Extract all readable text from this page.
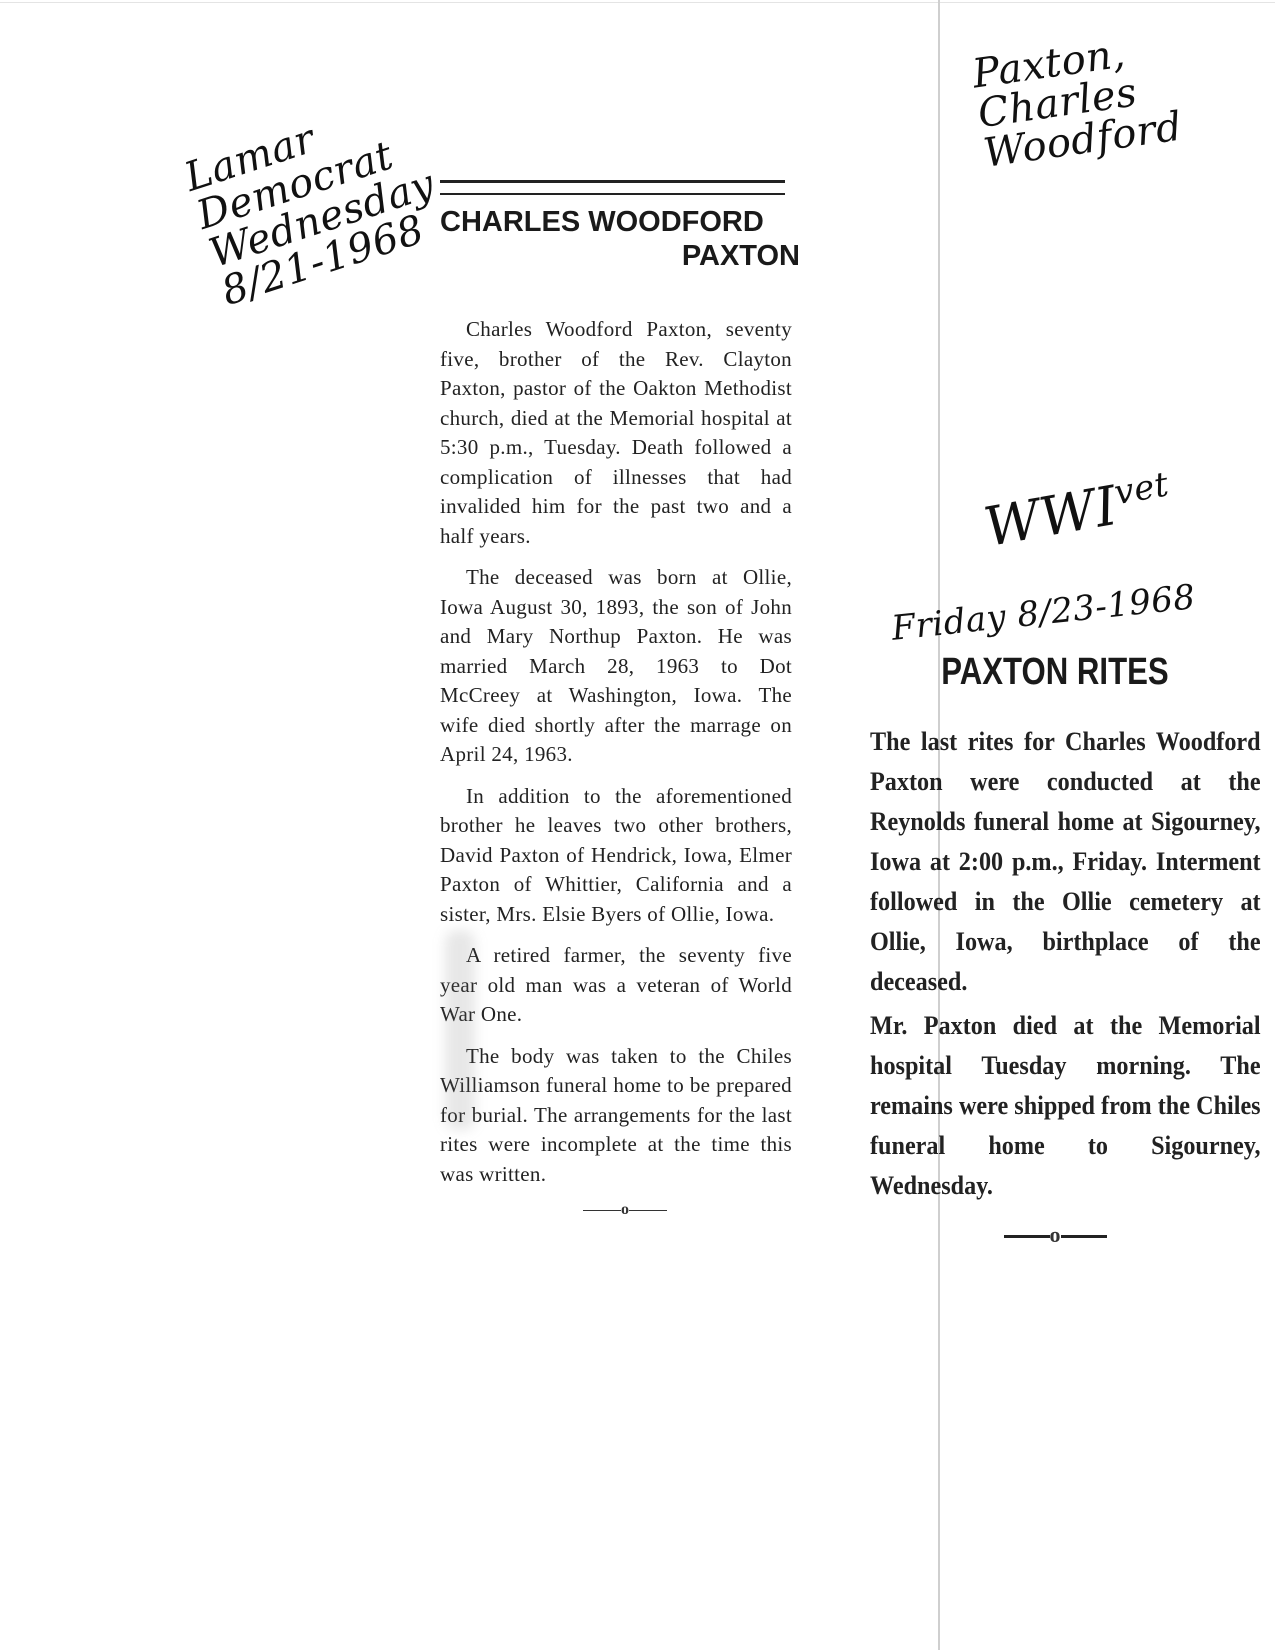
Lamar
Democrat
Wednesday
8/21-1968
Paxton,
Charles
Woodford
$WWI^{vet}$
Friday 8/23-1968
CHARLES WOODFORD
PAXTON

Charles Woodford Paxton, seventy five, brother of the Rev. Clayton Paxton, pastor of the Oakton Methodist church, died at the Memorial hospital at 5:30 p.m., Tuesday. Death followed a complication of illnesses that had invalided him for the past two and a half years.

The deceased was born at Ollie, Iowa August 30, 1893, the son of John and Mary Northup Paxton. He was married March 28, 1963 to Dot McCreey at Washington, Iowa. The wife died shortly after the marrage on April 24, 1963.

In addition to the aforementioned brother he leaves two other brothers, David Paxton of Hendrick, Iowa, Elmer Paxton of Whittier, California and a sister, Mrs. Elsie Byers of Ollie, Iowa.

A retired farmer, the seventy five year old man was a veteran of World War One.

The body was taken to the Chiles Williamson funeral home to be prepared for burial. The arrangements for the last rites were incomplete at the time this was written.

o
PAXTON RITES

The last rites for Charles Woodford Paxton were conducted at the Reynolds funeral home at Sigourney, Iowa at 2:00 p.m., Friday. Interment followed in the Ollie cemetery at Ollie, Iowa, birthplace of the deceased.

Mr. Paxton died at the Memorial hospital Tuesday morning. The remains were shipped from the Chiles funeral home to Sigourney, Wednesday.

o
